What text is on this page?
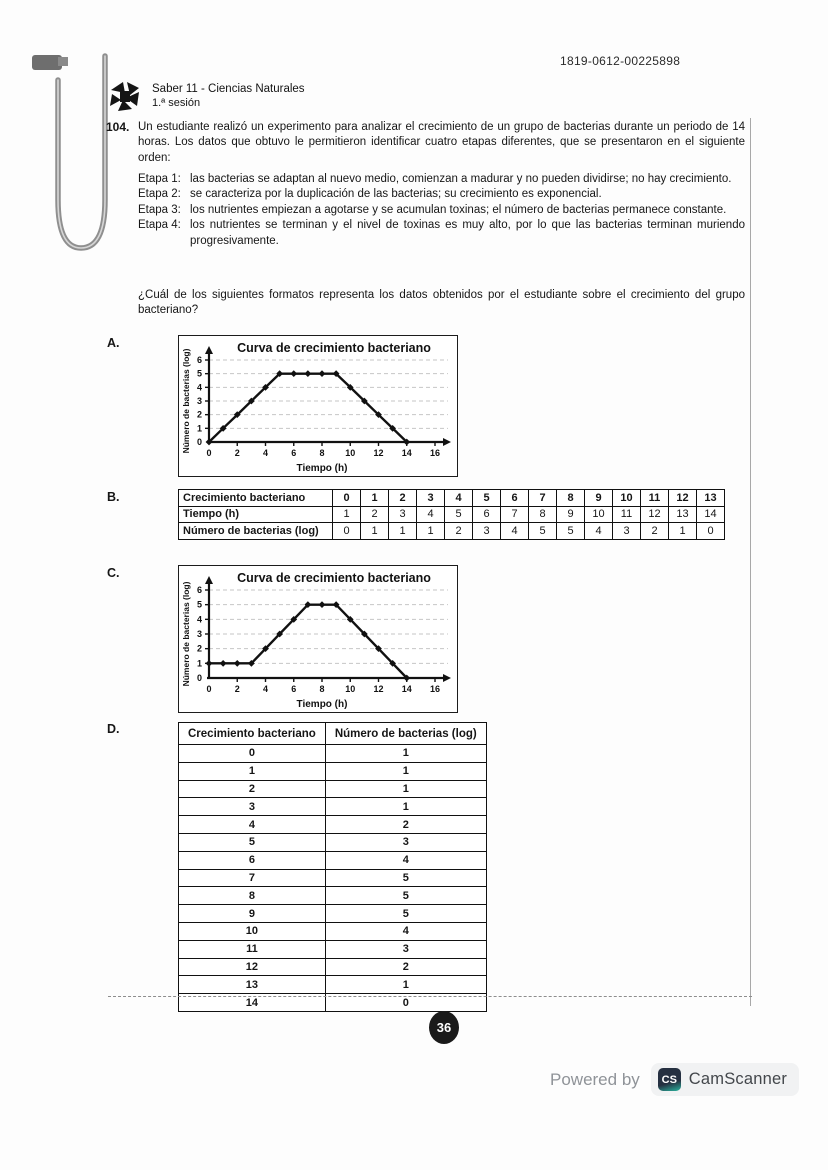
1819-0612-00225898
Saber 11 - Ciencias Naturales
1.ª sesión
104. Un estudiante realizó un experimento para analizar el crecimiento de un grupo de bacterias durante un periodo de 14 horas. Los datos que obtuvo le permitieron identificar cuatro etapas diferentes, que se presentaron en el siguiente orden:
Etapa 1: las bacterias se adaptan al nuevo medio, comienzan a madurar y no pueden dividirse; no hay crecimiento.
Etapa 2: se caracteriza por la duplicación de las bacterias; su crecimiento es exponencial.
Etapa 3: los nutrientes empiezan a agotarse y se acumulan toxinas; el número de bacterias permanece constante.
Etapa 4: los nutrientes se terminan y el nivel de toxinas es muy alto, por lo que las bacterias terminan muriendo progresivamente.
¿Cuál de los siguientes formatos representa los datos obtenidos por el estudiante sobre el crecimiento del grupo bacteriano?
A.
0	2	4	6	8 10 12 14 16
0
1
2
3
4
5
6
Curva de crecimiento bacteriano
Tiempo (h)
Número de bacterias (log)
B.	Crecimiento bacteriano	0	1	2	3	4	5	6	7	8	9	10	11	12	13
Tiempo (h)	1	2	3	4	5	6	7	8	9	10	11	12	13	14
Número de bacterias (log)	0	1	1	1	2	3	4	5	5	4	3	2	1	0
C.
0	2	4	6	8 10 12 14 16
0
1
2
3
4
5
6
Curva de crecimiento bacteriano
Tiempo (h)
Número de bacterias (log)
D.	Crecimiento bacteriano	Número de bacterias (log)
0	1
1	1
2	1
3	1
4	2
5	3
6	4
7	5
8	5
9	5
10	4
11	3
12	2
13	1
14	0
36
Powered by	CS CamScanner
